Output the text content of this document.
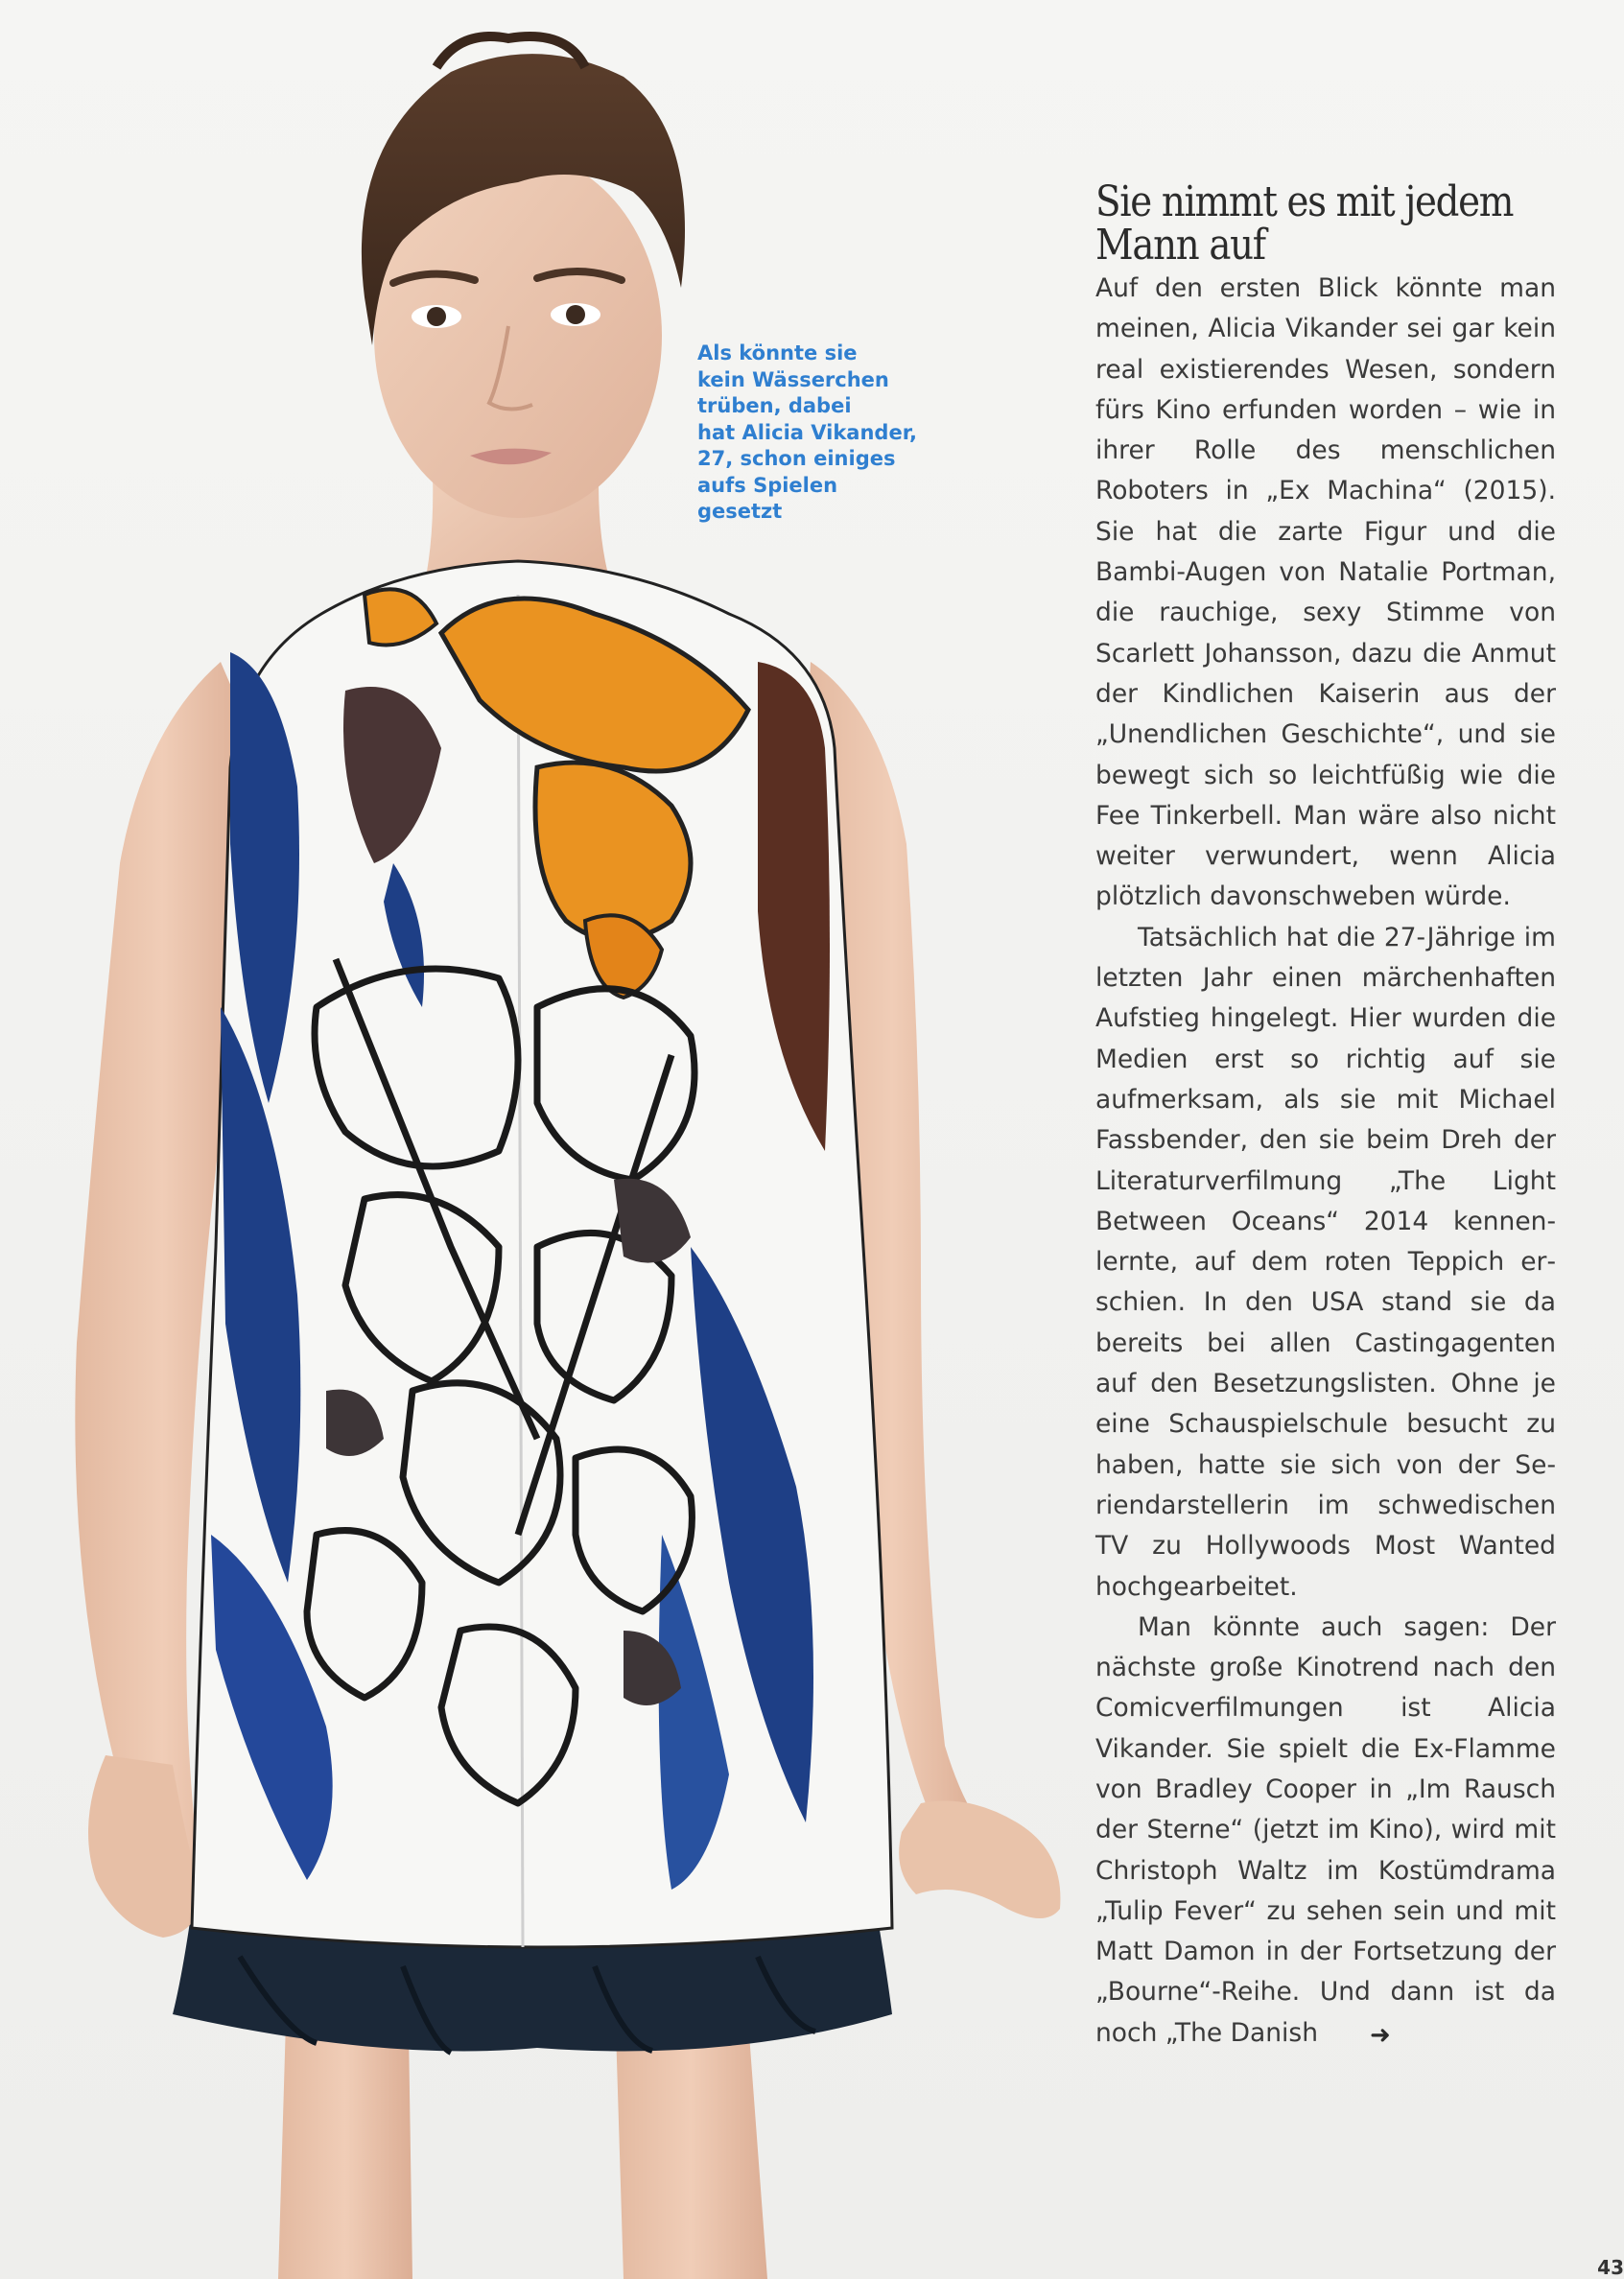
Als könnte sie
kein Wässerchen
trüben, dabei
hat Alicia Vikander,
27, schon einiges
aufs Spielen gesetzt
Sie nimmt es mit jedem Mann auf

Auf den ersten Blick könnte man meinen, Alicia Vikander sei gar kein real existierendes Wesen, sondern fürs Kino erfunden worden – wie in ihrer Rolle des menschlichen Roboters in „Ex Machina“ (2015). Sie hat die zarte Figur und die Bambi-Augen von Natalie Portman, die rauchige, sexy Stimme von Scarlett Johansson, dazu die Anmut der Kindlichen Kaiserin aus der „Unendlichen Geschichte“, und sie bewegt sich so leichtfüßig wie die Fee Tinkerbell. Man wäre also nicht weiter verwundert, wenn Alicia plötzlich davonschweben würde.

Tatsächlich hat die 27-Jährige im letzten Jahr einen märchenhaften Aufstieg hingelegt. Hier wurden die Medien erst so richtig auf sie aufmerksam, als sie mit Michael Fassbender, den sie beim Dreh der Literaturverfilmung „The Light Between Oceans“ 2014 kennenlernte, auf dem roten Teppich erschien. In den USA stand sie da bereits bei allen Castingagenten auf den Besetzungslisten. Ohne je eine Schauspielschule besucht zu haben, hatte sie sich von der Seriendarstellerin im schwedischen TV zu Hollywoods Most Wanted hochgearbeitet.

Man könnte auch sagen: Der nächste große Kinotrend nach den Comicverfilmungen ist Alicia Vikander. Sie spielt die Ex-Flamme von Bradley Cooper in „Im Rausch der Sterne“ (jetzt im Kino), wird mit Christoph Waltz im Kostümdrama „Tulip Fever“ zu sehen sein und mit Matt Damon in der Fortsetzung der „Bourne“-Reihe. Und dann ist da noch „The Danish ➜

43
